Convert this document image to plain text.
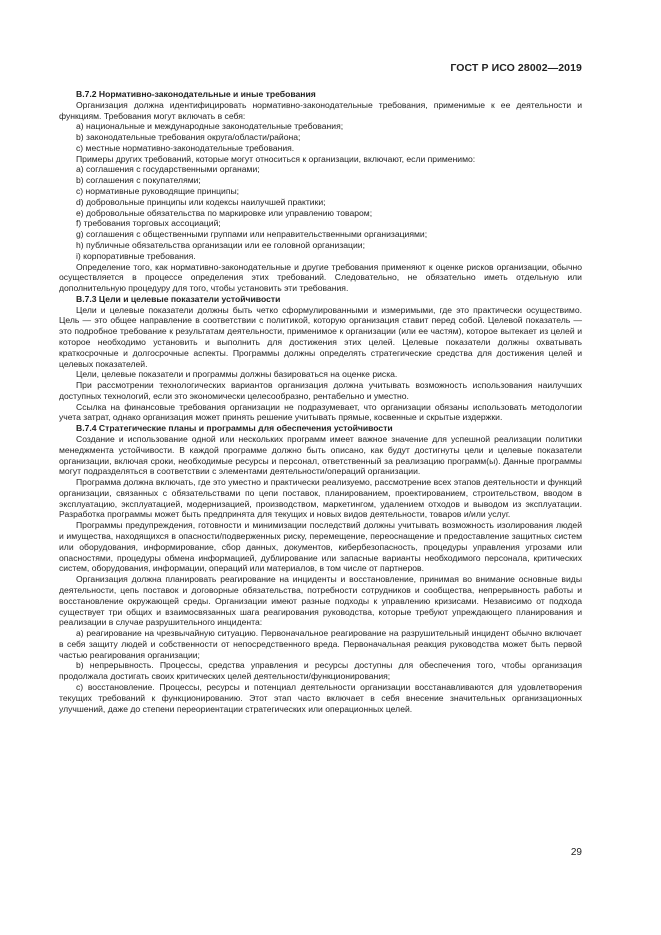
ГОСТ Р ИСО 28002—2019

В.7.2 Нормативно-законодательные и иные требования

Организация должна идентифицировать нормативно-законодательные требования, применимые к ее деятельности и функциям. Требования могут включать в себя:

а) национальные и международные законодательные требования;

b) законодательные требования округа/области/района;

c) местные нормативно-законодательные требования.

Примеры других требований, которые могут относиться к организации, включают, если применимо:

а) соглашения с государственными органами;

b) соглашения с покупателями;

c) нормативные руководящие принципы;

d) добровольные принципы или кодексы наилучшей практики;

е) добровольные обязательства по маркировке или управлению товаром;

f) требования торговых ассоциаций;

g) соглашения с общественными группами или неправительственными организациями;

h) публичные обязательства организации или ее головной организации;

i) корпоративные требования.

Определение того, как нормативно-законодательные и другие требования применяют к оценке рисков организации, обычно осуществляется в процессе определения этих требований. Следовательно, не обязательно иметь отдельную или дополнительную процедуру для того, чтобы установить эти требования.

В.7.3 Цели и целевые показатели устойчивости

Цели и целевые показатели должны быть четко сформулированными и измеримыми, где это практически осуществимо. Цель — это общее направление в соответствии с политикой, которую организация ставит перед собой. Целевой показатель — это подробное требование к результатам деятельности, применимое к организации (или ее частям), которое вытекает из целей и которое необходимо установить и выполнить для достижения этих целей. Целевые показатели должны охватывать краткосрочные и долгосрочные аспекты. Программы должны определять стратегические средства для достижения целей и целевых показателей.

Цели, целевые показатели и программы должны базироваться на оценке риска.

При рассмотрении технологических вариантов организация должна учитывать возможность использования наилучших доступных технологий, если это экономически целесообразно, рентабельно и уместно.

Ссылка на финансовые требования организации не подразумевает, что организации обязаны использовать методологии учета затрат, однако организация может принять решение учитывать прямые, косвенные и скрытые издержки.

В.7.4 Стратегические планы и программы для обеспечения устойчивости

Создание и использование одной или нескольких программ имеет важное значение для успешной реализации политики менеджмента устойчивости. В каждой программе должно быть описано, как будут достигнуты цели и целевые показатели организации, включая сроки, необходимые ресурсы и персонал, ответственный за реализацию программ(ы). Данные программы могут подразделяться в соответствии с элементами деятельности/операций организации.

Программа должна включать, где это уместно и практически реализуемо, рассмотрение всех этапов деятельности и функций организации, связанных с обязательствами по цепи поставок, планированием, проектированием, строительством, вводом в эксплуатацию, эксплуатацией, модернизацией, производством, маркетингом, удалением отходов и выводом из эксплуатации. Разработка программы может быть предпринята для текущих и новых видов деятельности, товаров и/или услуг.

Программы предупреждения, готовности и минимизации последствий должны учитывать возможность изолирования людей и имущества, находящихся в опасности/подверженных риску, перемещение, переоснащение и предоставление защитных систем или оборудования, информирование, сбор данных, документов, кибербезопасность, процедуры управления угрозами или опасностями, процедуры обмена информацией, дублирование или запасные варианты необходимого персонала, критических систем, оборудования, информации, операций или материалов, в том числе от партнеров.

Организация должна планировать реагирование на инциденты и восстановление, принимая во внимание основные виды деятельности, цепь поставок и договорные обязательства, потребности сотрудников и сообщества, непрерывность работы и восстановление окружающей среды. Организации имеют разные подходы к управлению кризисами. Независимо от подхода существует три общих и взаимосвязанных шага реагирования руководства, которые требуют упреждающего планирования и реализации в случае разрушительного инцидента:

а) реагирование на чрезвычайную ситуацию. Первоначальное реагирование на разрушительный инцидент обычно включает в себя защиту людей и собственности от непосредственного вреда. Первоначальная реакция руководства может быть первой частью реагирования организации;

b) непрерывность. Процессы, средства управления и ресурсы доступны для обеспечения того, чтобы организация продолжала достигать своих критических целей деятельности/функционирования;

c) восстановление. Процессы, ресурсы и потенциал деятельности организации восстанавливаются для удовлетворения текущих требований к функционированию. Этот этап часто включает в себя внесение значительных организационных улучшений, даже до степени переориентации стратегических или операционных целей.

29
